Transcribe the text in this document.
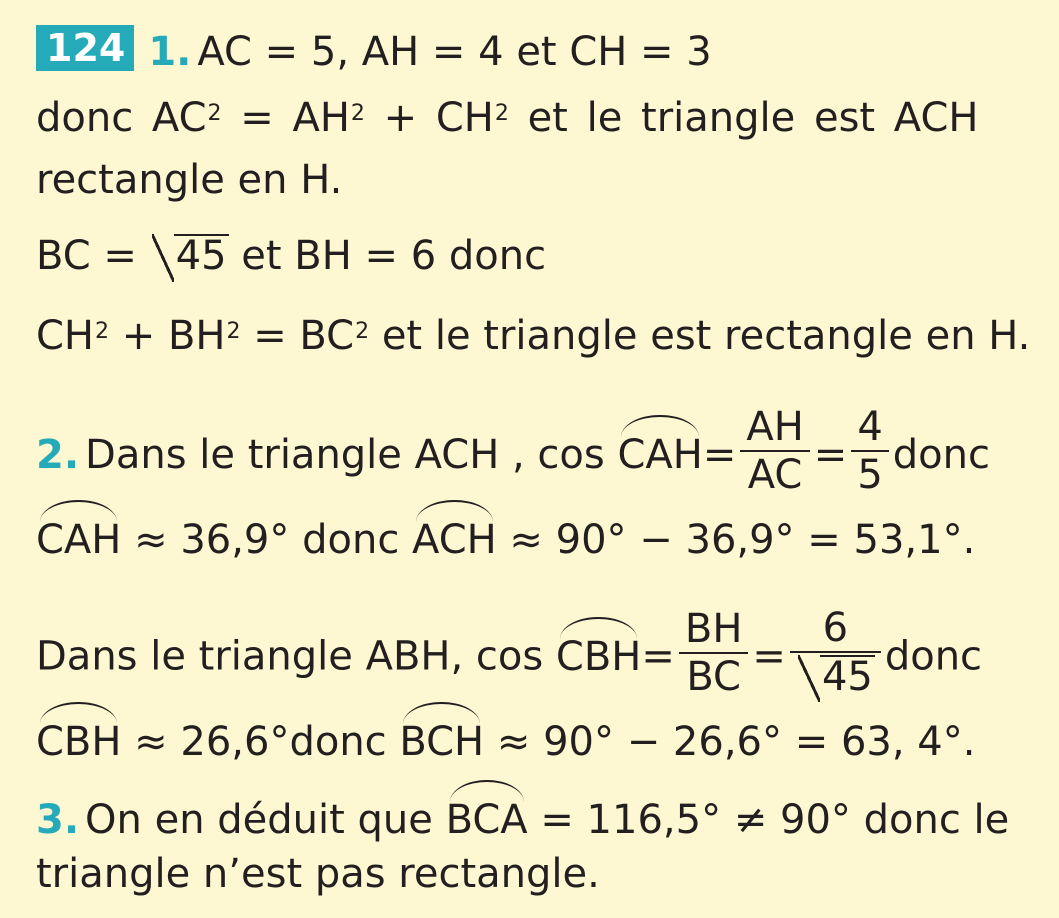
124 1. AC = 5, AH = 4 et CH = 3
donc $AC^2 = AH^2 + CH^2$ et le triangle est ACH
rectangle en H.
BC = 45 et BH = 6 donc
$CH^2 + BH^2 = BC^2$ et le triangle est rectangle en H.
2. Dans le triangle ACH , $\cos CAH= \frac{AH}{AC} = \frac{4}{5}$ donc
CAH ≈ 36,9° donc ACH ≈ 90° − 36,9° = 53,1°.
Dans le triangle ABH, $\cos CBH= \frac{BH}{BC} = \frac{6}{45}$ donc
CBH ≈ 26,6°donc BCH ≈ 90° − 26,6° = 63, 4°.
3. On en déduit que BCA = 116,5° ≠ 90° donc le
triangle n’est pas rectangle.
